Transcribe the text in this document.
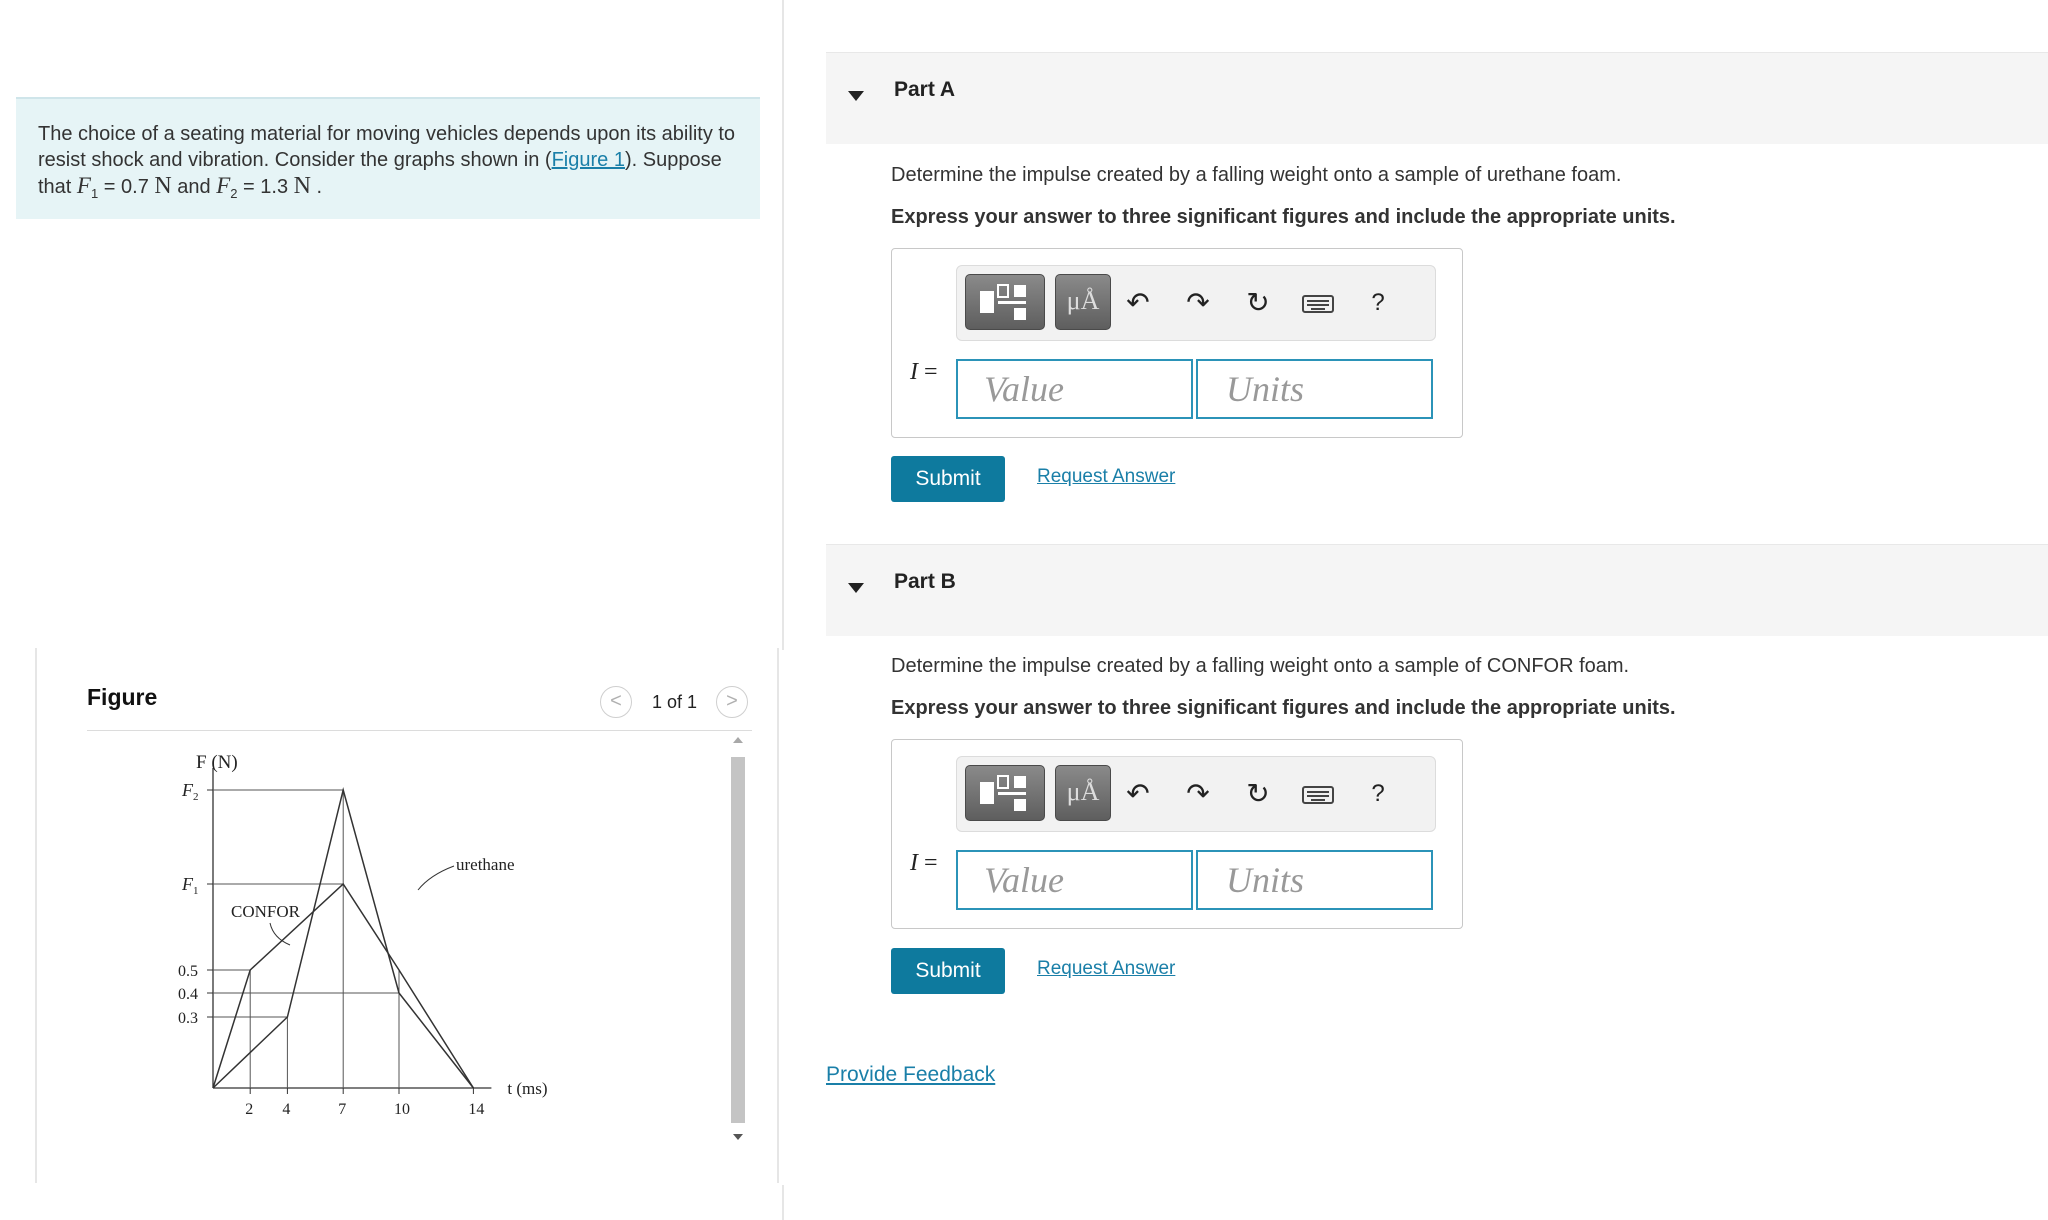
The choice of a seating material for moving vehicles depends upon its ability to resist shock and vibration. Consider the graphs shown in (Figure 1). Suppose that $F_1 = 0.7$ N and $F_2 = 1.3$ N .
Figure	<	1 of 1	>
F (N)
t (ms)
0.3
0.4
0.5
F 1
F 2
2 4	7	10	14
urethane
CONFOR
Part A
Determine the impulse created by a falling weight onto a sample of urethane foam.
Express your answer to three significant figures and include the appropriate units.
μÅ ↶ ↷ ↻	?
I =	Value	Units
Submit	Request Answer
Part B
Determine the impulse created by a falling weight onto a sample of CONFOR foam.
Express your answer to three significant figures and include the appropriate units.
μÅ ↶ ↷ ↻	?
I =	Value	Units
Submit	Request Answer
Provide Feedback
